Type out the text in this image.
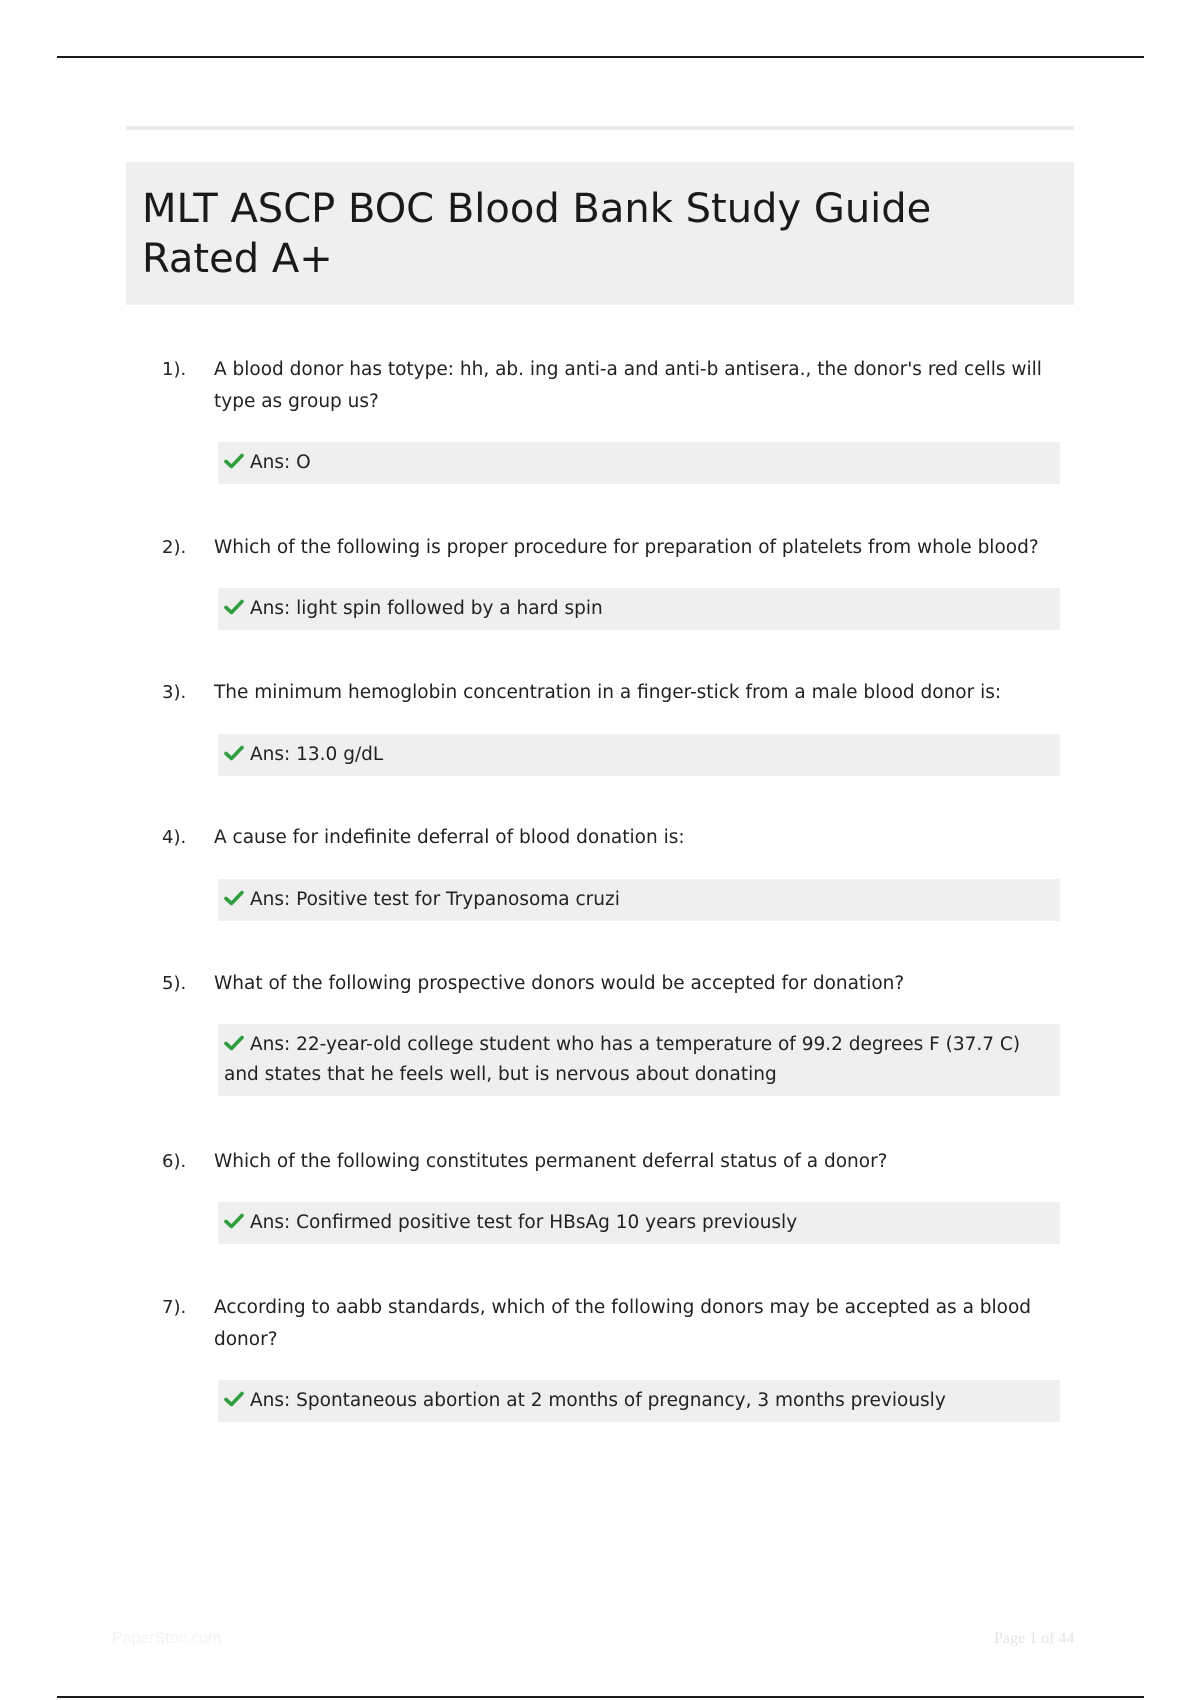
MLT ASCP BOC Blood Bank Study Guide Rated A+
1). A blood donor has totype: hh, ab. ing anti-a and anti-b antisera., the donor's red cells will type as group us?
Ans: O
2). Which of the following is proper procedure for preparation of platelets from whole blood?
Ans: light spin followed by a hard spin
3). The minimum hemoglobin concentration in a finger-stick from a male blood donor is:
Ans: 13.0 g/dL
4). A cause for indefinite deferral of blood donation is:
Ans: Positive test for Trypanosoma cruzi
5). What of the following prospective donors would be accepted for donation?
Ans: 22-year-old college student who has a temperature of 99.2 degrees F (37.7 C) and states that he feels well, but is nervous about donating
6). Which of the following constitutes permanent deferral status of a donor?
Ans: Confirmed positive test for HBsAg 10 years previously
7). According to aabb standards, which of the following donors may be accepted as a blood donor?
Ans: Spontaneous abortion at 2 months of pregnancy, 3 months previously
PaperStoc.com	Page 1 of 44
